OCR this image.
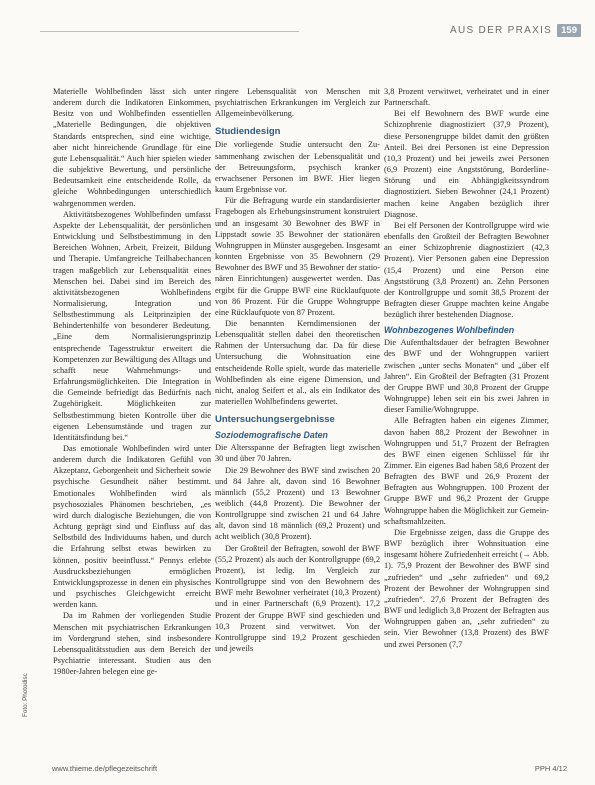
AUS DER PRAXIS 159

Materielle Wohlbefinden lässt sich unter anderem durch die Indikatoren Einkommen, Besitz von und Wohlbefinden essentiellen „Materielle Bedingungen, die objektiven Standards entsprechen, sind eine wichtige, aber nicht hinreichende Grundlage für eine gute Lebensqualität.“ Auch hier spielen wieder die subjektive Bewertung, und persönliche Bedeutsamkeit eine entscheidende Rolle, da gleiche Wohnbedingungen unterschiedlich wahrgenommen werden.

Aktivitätsbezogenes Wohlbefinden umfasst Aspekte der Lebensqualität, der persönlichen Entwicklung und Selbstbestimmung in den Bereichen Wohnen, Arbeit, Freizeit, Bildung und Therapie. Umfangreiche Teilhabechancen tragen maßgeblich zur Lebensqualität eines Menschen bei. Dabei sind im Bereich des aktivitätsbezogenen Wohlbefindens Normalisierung, Integration und Selbstbestimmung als Leitprinzipien der Behindertenhilfe von besonderer Bedeutung. „Eine dem Normalisierungsprinzip entsprechende Tagesstruktur erweitert die Kompetenzen zur Bewältigung des Alltags und schafft neue Wahrnehmungs- und Erfahrungsmöglichkeiten. Die Integration in die Gemeinde befriedigt das Bedürfnis nach Zugehörigkeit. Möglichkeiten zur Selbstbestimmung bieten Kontrolle über die eigenen Lebensumstände und tragen zur Identitätsfindung bei.“

Das emotionale Wohlbefinden wird unter anderem durch die Indikatoren Gefühl von Akzeptanz, Geborgenheit und Sicherheit sowie psychische Gesundheit näher bestimmt. Emotionales Wohlbefinden wird als psychosoziales Phänomen beschrieben, „es wird durch dialogische Beziehungen, die von Achtung geprägt sind und Einfluss auf das Selbstbild des Individuums haben, und durch die Erfahrung selbst etwas bewirken zu können, positiv beeinflusst.“ Pennys erlebte Ausdrucksbeziehungen ermöglichen Entwicklungsprozesse in denen ein physisches und psychisches Gleichgewicht erreicht werden kann.

Da im Rahmen der vorliegenden Studie Menschen mit psychiatrischen Erkrankungen im Vordergrund stehen, sind insbesondere Lebensqualitätsstudien aus dem Bereich der Psychiatrie interessant. Studien aus den 1980er-Jahren belegen eine ge-

ringere Lebensqualität von Menschen mit psychiatrischen Erkrankungen im Vergleich zur Allgemeinbevölkerung.

Studiendesign

Die vorliegende Studie untersucht den Zusammenhang zwischen der Lebensqualität und der Betreuungsform, psychisch kranker erwachsener Personen im BWF. Hier liegen kaum Ergebnisse vor.

Für die Befragung wurde ein standardisierter Fragebogen als Erhebungsinstrument konstruiert und an insgesamt 30 Bewohner des BWF in Lippstadt sowie 35 Bewohner der stationären Wohngruppen in Münster ausgegeben. Insgesamt konnten Ergebnisse von 35 Bewohnern (29 Bewohner des BWF und 35 Bewohner der stationären Einrichtungen) ausgewertet werden. Das ergibt für die Gruppe BWF eine Rücklaufquote von 86 Prozent. Für die Gruppe Wohngruppe eine Rücklaufquote von 87 Prozent.

Die benannten Kerndimensionen der Lebensqualität stellen dabei den theoretischen Rahmen der Untersuchung dar. Da für diese Untersuchung die Wohnsituation eine entscheidende Rolle spielt, wurde das materielle Wohlbefinden als eine eigene Dimension, und nicht, analog Seifert et al., als ein Indikator des materiellen Wohlbefindens gewertet.

Untersuchungsergebnisse
Soziodemografische Daten

Die Altersspanne der Befragten liegt zwischen 30 und über 70 Jahren.

Die 29 Bewohner des BWF sind zwischen 20 und 84 Jahre alt, davon sind 16 Bewohner männlich (55,2 Prozent) und 13 Bewohner weiblich (44,8 Prozent). Die Bewohner der Kontrollgruppe sind zwischen 21 und 64 Jahre alt, davon sind 18 männlich (69,2 Prozent) und acht weiblich (30,8 Prozent).

Der Großteil der Befragten, sowohl der BWF (55,2 Prozent) als auch der Kontrollgruppe (69,2 Prozent), ist ledig. Im Vergleich zur Kontrollgruppe sind von den Bewohnern des BWF mehr Bewohner verheiratet (10,3 Prozent) und in einer Partnerschaft (6,9 Prozent). 17,2 Prozent der Gruppe BWF sind geschieden und 10,3 Prozent sind verwitwet. Von der Kontrollgruppe sind 19,2 Prozent geschieden und jeweils

3,8 Prozent verwitwet, verheiratet und in einer Partnerschaft.

Bei elf Bewohnern des BWF wurde eine Schizophrenie diagnostiziert (37,9 Prozent), diese Personengruppe bildet damit den größten Anteil. Bei drei Personen ist eine Depression (10,3 Prozent) und bei jeweils zwei Personen (6,9 Prozent) eine Angststörung, Borderline-Störung und ein Abhängigkeitssyndrom diagnostiziert. Sieben Bewohner (24,1 Prozent) machen keine Angaben bezüglich ihrer Diagnose.

Bei elf Personen der Kontrollgruppe wird wie ebenfalls den Großteil der Befragten Bewohner an einer Schizophrenie diagnostiziert (42,3 Prozent). Vier Personen gaben eine Depression (15,4 Prozent) und eine Person eine Angststörung (3,8 Prozent) an. Zehn Personen der Kontrollgruppe und somit 38,5 Prozent der Befragten dieser Gruppe machten keine Angabe bezüglich ihrer bestehenden Diagnose.

Wohnbezogenes Wohlbefinden

Die Aufenthaltsdauer der befragten Bewohner des BWF und der Wohngruppen variiert zwischen „unter sechs Monaten“ und „über elf Jahren“. Ein Großteil der Befragten (31 Prozent der Gruppe BWF und 30,8 Prozent der Gruppe Wohngruppe) leben seit ein bis zwei Jahren in dieser Familie/Wohngruppe.

Alle Befragten haben ein eigenes Zimmer, davon haben 88,2 Prozent der Bewohner in Wohngruppen und 51,7 Prozent der Befragten des BWF einen eigenen Schlüssel für ihr Zimmer. Ein eigenes Bad haben 58,6 Prozent der Befragten des BWF und 26,9 Prozent der Befragten aus Wohngruppen. 100 Prozent der Gruppe BWF und 96,2 Prozent der Gruppe Wohngruppe haben die Möglichkeit zur Gemeinschaftsmahlzeiten.

Die Ergebnisse zeigen, dass die Gruppe des BWF bezüglich ihrer Wohnsituation eine insgesamt höhere Zufriedenheit erreicht (→ Abb. 1). 75,9 Prozent der Bewohner des BWF sind „zufrieden“ und „sehr zufrieden“ und 69,2 Prozent der Bewohner der Wohngruppen sind „zufrieden“. 27,6 Prozent der Befragten des BWF und lediglich 3,8 Prozent der Befragten aus Wohngruppen gaben an, „sehr zufrieden“ zu sein. Vier Bewohner (13,8 Prozent) des BWF und zwei Personen (7,7

Foto: Photodisc
www.thieme.de/pflegezeitschrift	PPH 4/12
